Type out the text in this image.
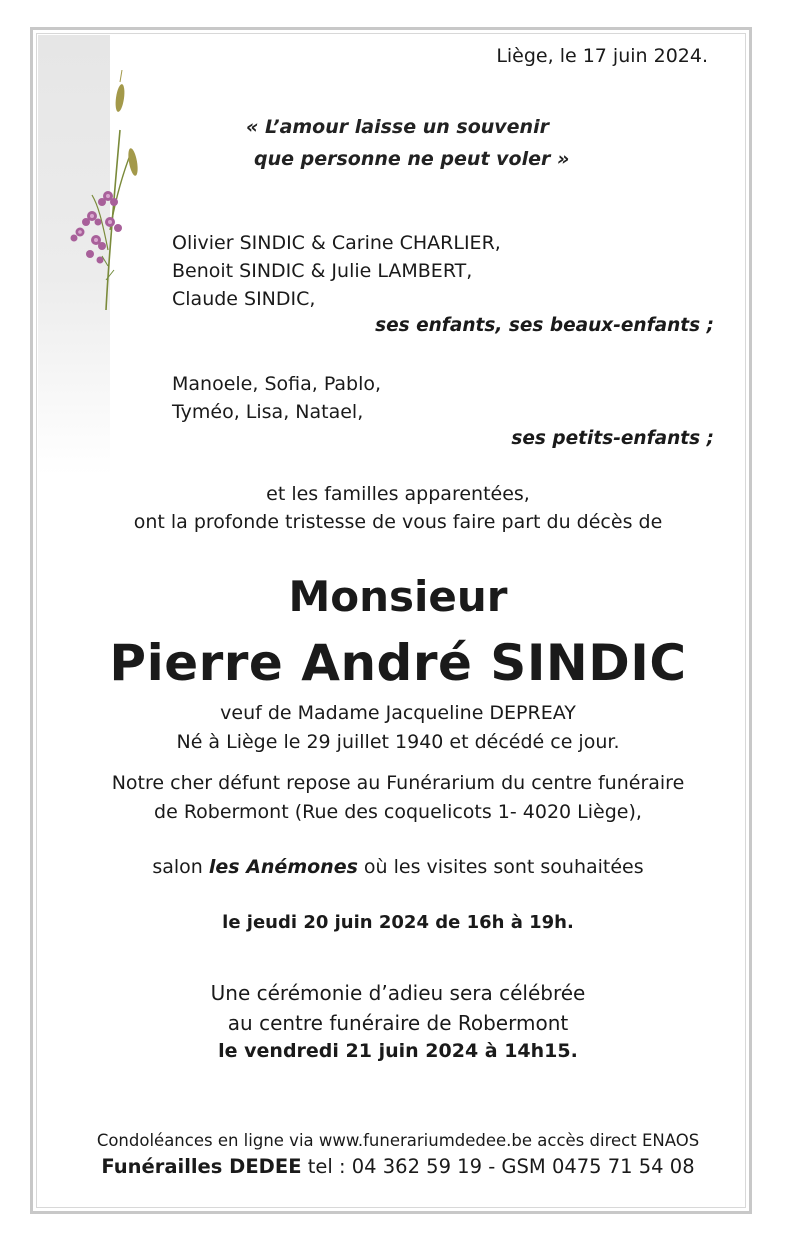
Liège, le 17 juin 2024.
« L’amour laisse un souvenir
que personne ne peut voler »
Olivier SINDIC & Carine CHARLIER,
Benoit SINDIC & Julie LAMBERT,
Claude SINDIC,
ses enfants, ses beaux-enfants ;
Manoele, Sofia, Pablo,
Tyméo, Lisa, Natael,
ses petits-enfants ;
et les familles apparentées,
ont la profonde tristesse de vous faire part du décès de
Monsieur
Pierre André SINDIC
veuf de Madame Jacqueline DEPREAY
Né à Liège le 29 juillet 1940 et décédé ce jour.
Notre cher défunt repose au Funérarium du centre funéraire
de Robermont (Rue des coquelicots 1- 4020 Liège),
salon les Anémones où les visites sont souhaitées
le jeudi 20 juin 2024 de 16h à 19h.
Une cérémonie d’adieu sera célébrée
au centre funéraire de Robermont
le vendredi 21 juin 2024 à 14h15.
Condoléances en ligne via www.funerariumdedee.be accès direct ENAOS
Funérailles DEDEE tel : 04 362 59 19 - GSM 0475 71 54 08
